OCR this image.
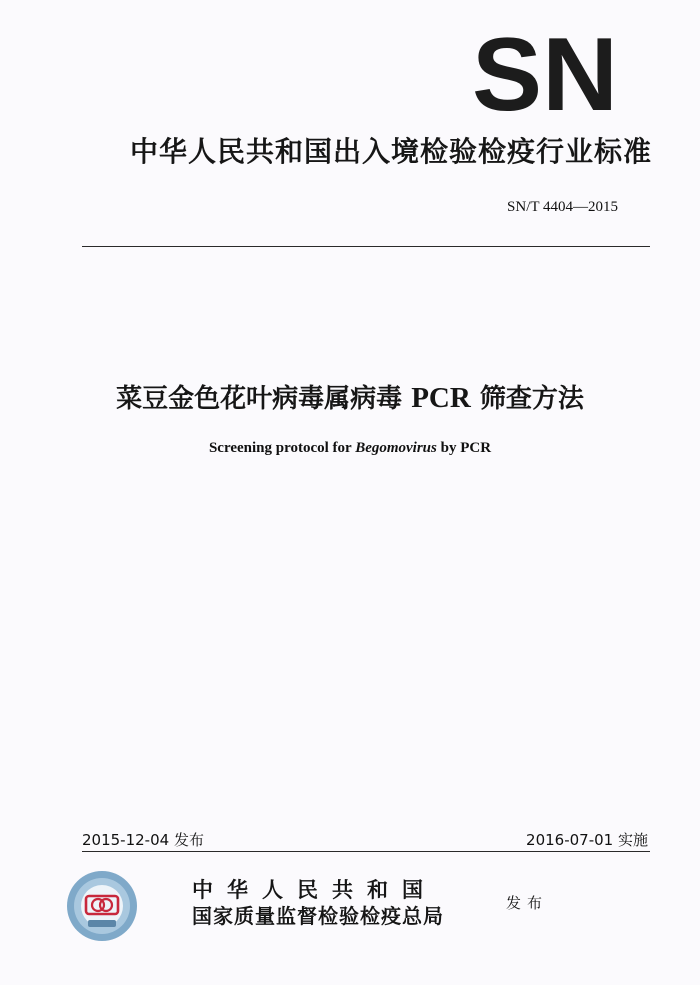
SN
中华人民共和国出入境检验检疫行业标准
SN/T 4404—2015
菜豆金色花叶病毒属病毒 PCR 筛查方法
Screening protocol for Begomovirus by PCR
2015-12-04 发布	2016-07-01 实施
中华人民共和国
国家质量监督检验检疫总局
发布
